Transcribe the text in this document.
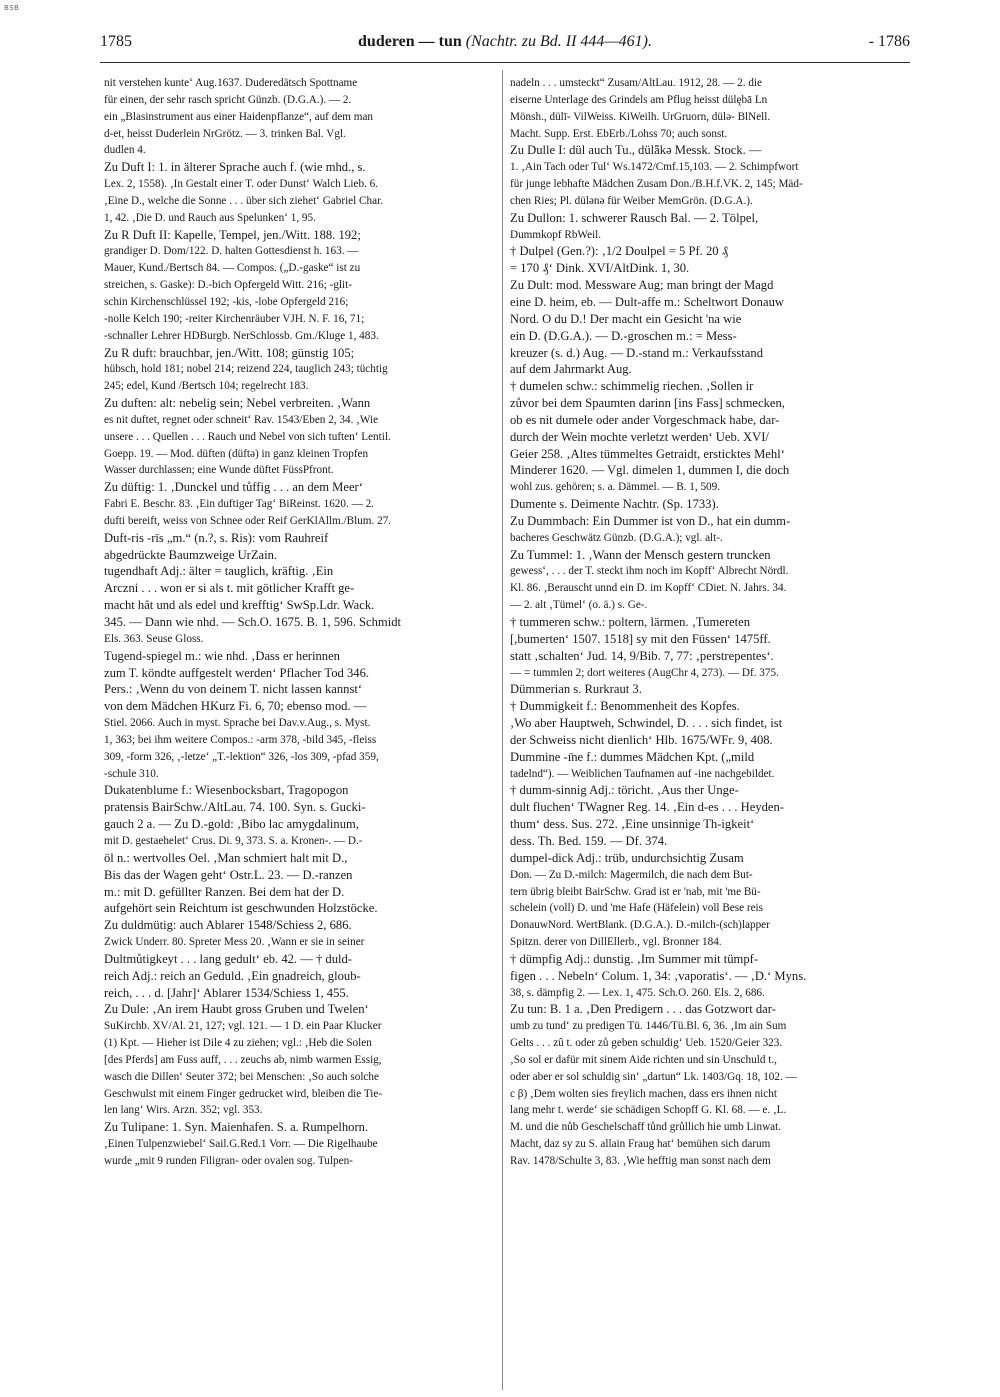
BSB
1785	duderen — tun (Nachtr. zu Bd. II 444—461).	- 1786
nit verstehen kunte‘ Aug.1637. Duderedätsch Spottname
für einen, der sehr rasch spricht Günzb. (D.G.A.). — 2.
ein „Blasinstrument aus einer Haidenpflanze“, auf dem man
d-et, heisst Duderlein NrGrötz. — 3. trinken Bal. Vgl.
dudlen 4.
Zu Duft I: 1. in älterer Sprache auch f. (wie mhd., s.
Lex. 2, 1558). ‚In Gestalt einer T. oder Dunst‘ Walch Lieb. 6.
‚Eine D., welche die Sonne . . . über sich ziehet‘ Gabriel Char.
1, 42. ‚Die D. und Rauch aus Spelunken‘ 1, 95.
Zu R Duft II: Kapelle, Tempel, jen./Witt. 188. 192;
grandiger D. Dom/122. D. halten Gottesdienst h. 163. —
Mauer, Kund./Bertsch 84. — Compos. („D.-gaske“ ist zu
streichen, s. Gaske): D.-bich Opfergeld Witt. 216; -glit-
schin Kirchenschlüssel 192; -kis, -lobe Opfergeld 216;
-nolle Kelch 190; -reiter Kirchenräuber VJH. N. F. 16, 71;
-schnaller Lehrer HDBurgb. NerSchlossb. Gm./Kluge 1, 483.
Zu R duft: brauchbar, jen./Witt. 108; günstig 105;
hübsch, hold 181; nobel 214; reizend 224, tauglich 243; tüchtig
245; edel, Kund /Bertsch 104; regelrecht 183.
Zu duften: alt: nebelig sein; Nebel verbreiten. ‚Wann
es nit duftet, regnet oder schneit‘ Rav. 1543/Eben 2, 34. ‚Wie
unsere . . . Quellen . . . Rauch und Nebel von sich tuften‘ Lentil.
Goepp. 19. — Mod. düften (düftə) in ganz kleinen Tropfen
Wasser durchlassen; eine Wunde düftet FüssPfront.
Zu düftig: 1. ‚Dunckel und tůffig . . . an dem Meer‘
Fabri E. Beschr. 83. ‚Ein duftiger Tag‘ BiReinst. 1620. — 2.
dufti bereift, weiss von Schnee oder Reif GerKlAllm./Blum. 27.
Duft-ris -rīs „m.“ (n.?, s. Ris): vom Rauhreif
abgedrückte Baumzweige UrZain.
tugendhaft Adj.: älter = tauglich, kräftig. ‚Ein
Arczni . . . won er si als t. mit götlicher Krafft ge-
macht hât und als edel und krefftig‘ SwSp.Ldr. Wack.
345. — Dann wie nhd. — Sch.O. 1675. B. 1, 596. Schmidt
Els. 363. Seuse Gloss.
Tugend-spiegel m.: wie nhd. ‚Dass er herinnen
zum T. köndte auffgestelt werden‘ Pflacher Tod 346.
Pers.: ‚Wenn du von deinem T. nicht lassen kannst‘
von dem Mädchen HKurz Fi. 6, 70; ebenso mod. —
Stiel. 2066. Auch in myst. Sprache bei Dav.v.Aug., s. Myst.
1, 363; bei ihm weitere Compos.: -arm 378, -bild 345, -fleiss
309, -form 326, ‚-letze‘ „T.-lektion“ 326, -los 309, -pfad 359,
-schule 310.
Dukatenblume f.: Wiesenbocksbart, Tragopogon
pratensis BairSchw./AltLau. 74. 100. Syn. s. Gucki-
gauch 2 a. — Zu D.-gold: ‚Bibo lac amygdalinum,
mit D. gestaehelet‘ Crus. Di. 9, 373. S. a. Kronen-. — D.-
öl n.: wertvolles Oel. ‚Man schmiert halt mit D.,
Bis das der Wagen geht‘ Ostr.L. 23. — D.-ranzen
m.: mit D. gefüllter Ranzen. Bei dem hat der D.
aufgehört sein Reichtum ist geschwunden Holzstöcke.
Zu duldmütig: auch Ablarer 1548/Schiess 2, 686.
Zwick Underr. 80. Spreter Mess 20. ‚Wann er sie in seiner
Dultmůtigkeyt . . . lang gedult‘ eb. 42. — † duld-
reich Adj.: reich an Geduld. ‚Ein gnadreich, gloub-
reich, . . . d. [Jahr]‘ Ablarer 1534/Schiess 1, 455.
Zu Dule: ‚An irem Haubt gross Gruben und Twelen‘
SuKirchb. XV/Al. 21, 127; vgl. 121. — 1 D. ein Paar Klucker
(1) Kpt. — Hieher ist Dile 4 zu ziehen; vgl.: ‚Heb die Solen
[des Pferds] am Fuss auff, . . . zeuchs ab, nimb warmen Essig,
wasch die Dillen‘ Seuter 372; bei Menschen: ‚So auch solche
Geschwulst mit einem Finger gedrucket wird, bleiben die Tie-
len lang‘ Wirs. Arzn. 352; vgl. 353.
Zu Tulipane: 1. Syn. Maienhafen. S. a. Rumpelhorn.
‚Einen Tulpenzwiebel‘ Sail.G.Red.1 Vorr. — Die Rigelhaube
wurde „mit 9 runden Filigran- oder ovalen sog. Tulpen-
nadeln . . . umsteckt“ Zusam/AltLau. 1912, 28. — 2. die
eiserne Unterlage des Grindels am Pflug heisst dülębā Ln
Mönsh., dülī- VilWeiss. KiWeilh. UrGruorn, dülə- BlNell.
Macht. Supp. Erst. EbErb./Lohss 70; auch sonst.
Zu Dulle I: dül auch Tu., dülǟkə Messk. Stock. —
1. ‚Ain Tach oder Tul‘ Ws.1472/Cmf.15,103. — 2. Schimpfwort
für junge lebhafte Mädchen Zusam Don./B.H.f.VK. 2, 145; Mäd-
chen Ries; Pl. dülənə für Weiber MemGrön. (D.G.A.).
Zu Dullon: 1. schwerer Rausch Bal. — 2. Tölpel,
Dummkopf RbWeil.
† Dulpel (Gen.?): ‚1/2 Doulpel = 5 Pf. 20 ₰
= 170 ₰‘ Dink. XVI/AltDink. 1, 30.
Zu Dult: mod. Messware Aug; man bringt der Magd
eine D. heim, eb. — Dult-affe m.: Scheltwort Donauw
Nord. O du D.! Der macht ein Gesicht 'na wie
ein D. (D.G.A.). — D.-groschen m.: = Mess-
kreuzer (s. d.) Aug. — D.-stand m.: Verkaufsstand
auf dem Jahrmarkt Aug.
† dumelen schw.: schimmelig riechen. ‚Sollen ir
zůvor bei dem Spaumten darinn [ins Fass] schmecken,
ob es nit dumele oder ander Vorgeschmack habe, dar-
durch der Wein mochte verletzt werden‘ Ueb. XVI/
Geier 258. ‚Altes tümmeltes Getraidt, ersticktes Mehl‘
Minderer 1620. — Vgl. dimelen 1, dummen I, die doch
wohl zus. gehören; s. a. Dämmel. — B. 1, 509.
Dumente s. Deimente Nachtr. (Sp. 1733).
Zu Dummbach: Ein Dummer ist von D., hat ein dumm-
bacheres Geschwätz Günzb. (D.G.A.); vgl. alt-.
Zu Tummel: 1. ‚Wann der Mensch gestern truncken
gewess‘, . . . der T. steckt ihm noch im Kopff‘ Albrecht Nördl.
Kl. 86. ‚Berauscht unnd ein D. im Kopff‘ CDiet. N. Jahrs. 34.
— 2. alt ‚Tümel‘ (o. ä.) s. Ge-.
† tummeren schw.: poltern, lärmen. ‚Tumereten
[,bumerten‘ 1507. 1518] sy mit den Füssen‘ 1475ff.
statt ‚schalten‘ Jud. 14, 9/Bib. 7, 77: ‚perstrepentes‘.
— = tummlen 2; dort weiteres (AugChr 4, 273). — Df. 375.
Dümmerian s. Rurkraut 3.
† Dummigkeit f.: Benommenheit des Kopfes.
‚Wo aber Hauptweh, Schwindel, D. . . . sich findet, ist
der Schweiss nicht dienlich‘ Hlb. 1675/WFr. 9, 408.
Dummine -ı̄ne f.: dummes Mädchen Kpt. („mild
tadelnd“). — Weiblichen Taufnamen auf -ine nachgebildet.
† dumm-sinnig Adj.: töricht. ‚Aus ther Unge-
dult fluchen‘ TWagner Reg. 14. ‚Ein d-es . . . Heyden-
thum‘ dess. Sus. 272. ‚Eine unsinnige Th-igkeit‘
dess. Th. Bed. 159. — Df. 374.
dumpel-dick Adj.: trüb, undurchsichtig Zusam
Don. — Zu D.-milch: Magermilch, die nach dem But-
tern übrig bleibt BairSchw. Grad ist er 'nab, mit 'me Bü-
schelein (voll) D. und 'me Hafe (Häfelein) voll Bese reis
DonauwNord. WertBlank. (D.G.A.). D.-milch-(sch)lapper
Spitzn. derer von DillEllerb., vgl. Bronner 184.
† dümpfig Adj.: dunstig. ‚Im Summer mit tümpf-
figen . . . Nebeln‘ Colum. 1, 34: ‚vaporatis‘. — ‚D.‘ Myns.
38, s. dämpfig 2. — Lex. 1, 475. Sch.O. 260. Els. 2, 686.
Zu tun: B. 1 a. ‚Den Predigern . . . das Gotzwort dar-
umb zu tund‘ zu predigen Tü. 1446/Tü.Bl. 6, 36. ‚Im ain Sum
Gelts . . . zû t. oder zů geben schuldig‘ Ueb. 1520/Geier 323.
‚So sol er dafür mit sinem Aide richten und sin Unschuld t.,
oder aber er sol schuldig sin‘ „dartun“ Lk. 1403/Gq. 18, 102. —
c β) ‚Dem wolten sies freylich machen, dass ers ihnen nicht
lang mehr t. werde‘ sie schädigen Schopff G. Kl. 68. — e. ‚L.
M. und die nůb Geschelschaff tůnd grůllich hie umb Linwat.
Macht, daz sy zu S. allain Fraug hat‘ bemühen sich darum
Rav. 1478/Schulte 3, 83. ‚Wie hefftig man sonst nach dem
